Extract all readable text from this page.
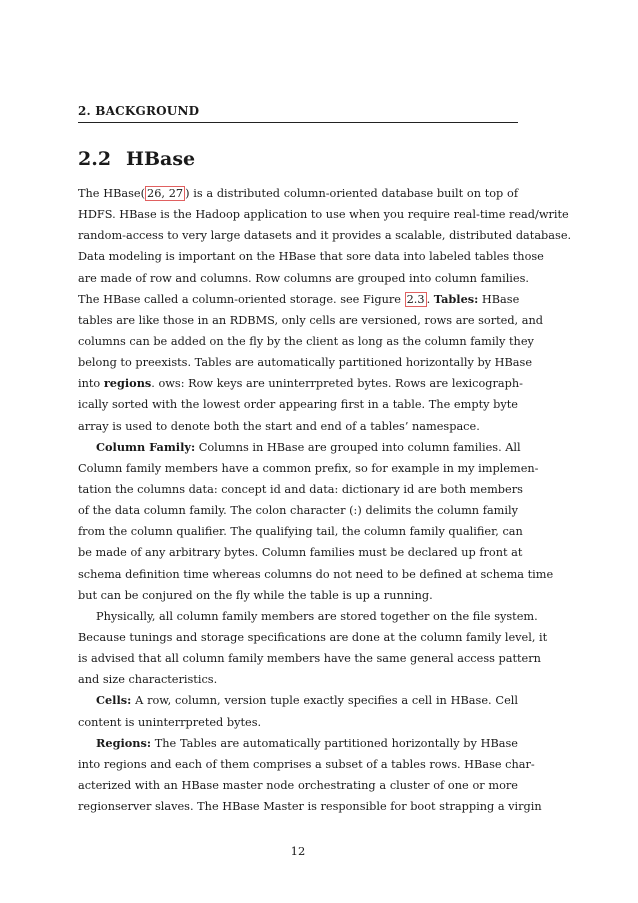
2. BACKGROUND
2.2 HBase
The HBase( 26, 27 ) is a distributed column-oriented database built on top of
HDFS. HBase is the Hadoop application to use when you require real-time read/write
random-access to very large datasets and it provides a scalable, distributed database.
Data modeling is important on the HBase that sore data into labeled tables those
are made of row and columns. Row columns are grouped into column families.
The HBase called a column-oriented storage. see Figure 2.3 . Tables: HBase
tables are like those in an RDBMS, only cells are versioned, rows are sorted, and
columns can be added on the fly by the client as long as the column family they
belong to preexists. Tables are automatically partitioned horizontally by HBase
into regions. ows: Row keys are uninterrpreted bytes. Rows are lexicograph-
ically sorted with the lowest order appearing first in a table. The empty byte
array is used to denote both the start and end of a tables’ namespace.
Column Family: Columns in HBase are grouped into column families. All
Column family members have a common prefix, so for example in my implemen-
tation the columns data: concept id and data: dictionary id are both members
of the data column family. The colon character (:) delimits the column family
from the column qualifier. The qualifying tail, the column family qualifier, can
be made of any arbitrary bytes. Column families must be declared up front at
schema definition time whereas columns do not need to be defined at schema time
but can be conjured on the fly while the table is up a running.
Physically, all column family members are stored together on the file system.
Because tunings and storage specifications are done at the column family level, it
is advised that all column family members have the same general access pattern
and size characteristics.
Cells: A row, column, version tuple exactly specifies a cell in HBase. Cell
content is uninterrpreted bytes.
Regions: The Tables are automatically partitioned horizontally by HBase
into regions and each of them comprises a subset of a tables rows. HBase char-
acterized with an HBase master node orchestrating a cluster of one or more
regionserver slaves. The HBase Master is responsible for boot strapping a virgin
12
